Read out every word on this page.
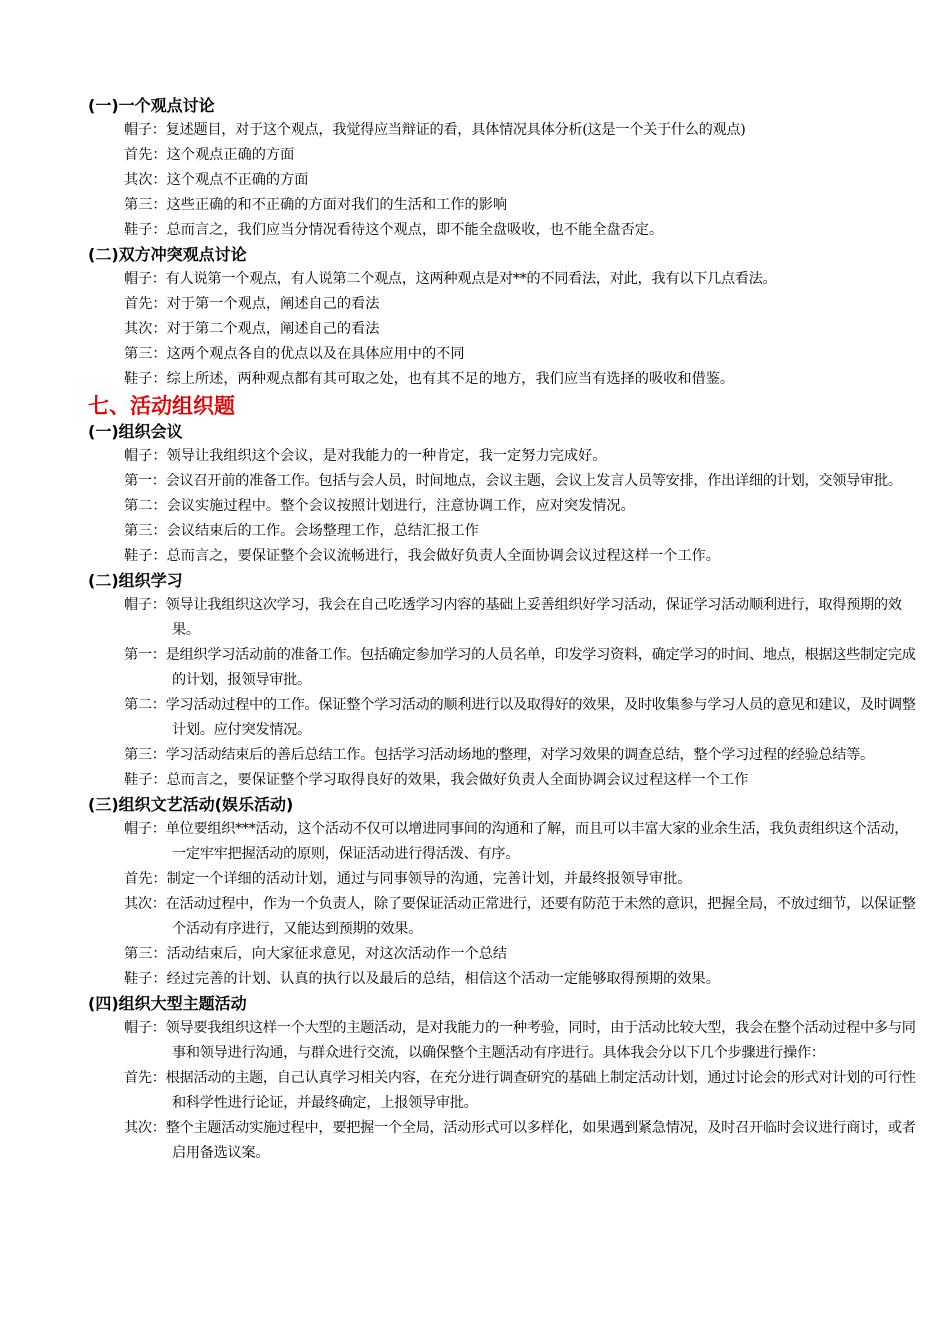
(一)一个观点讨论
帽子：复述题目，对于这个观点，我觉得应当辩证的看，具体情况具体分析(这是一个关于什么的观点)
首先：这个观点正确的方面
其次：这个观点不正确的方面
第三：这些正确的和不正确的方面对我们的生活和工作的影响
鞋子：总而言之，我们应当分情况看待这个观点，即不能全盘吸收，也不能全盘否定。
(二)双方冲突观点讨论
帽子：有人说第一个观点，有人说第二个观点，这两种观点是对**的不同看法，对此，我有以下几点看法。
首先：对于第一个观点，阐述自己的看法
其次：对于第二个观点，阐述自己的看法
第三：这两个观点各自的优点以及在具体应用中的不同
鞋子：综上所述，两种观点都有其可取之处，也有其不足的地方，我们应当有选择的吸收和借鉴。
七、活动组织题
(一)组织会议
帽子：领导让我组织这个会议，是对我能力的一种肯定，我一定努力完成好。
第一：会议召开前的准备工作。包括与会人员，时间地点，会议主题，会议上发言人员等安排，作出详细的计划，交领导审批。
第二：会议实施过程中。整个会议按照计划进行，注意协调工作，应对突发情况。
第三：会议结束后的工作。会场整理工作，总结汇报工作
鞋子：总而言之，要保证整个会议流畅进行，我会做好负责人全面协调会议过程这样一个工作。
(二)组织学习
帽子：领导让我组织这次学习，我会在自己吃透学习内容的基础上妥善组织好学习活动，保证学习活动顺利进行，取得预期的效果。
第一：是组织学习活动前的准备工作。包括确定参加学习的人员名单，印发学习资料，确定学习的时间、地点，根据这些制定完成的计划，报领导审批。
第二：学习活动过程中的工作。保证整个学习活动的顺利进行以及取得好的效果，及时收集参与学习人员的意见和建议，及时调整计划。应付突发情况。
第三：学习活动结束后的善后总结工作。包括学习活动场地的整理，对学习效果的调查总结，整个学习过程的经验总结等。
鞋子：总而言之，要保证整个学习取得良好的效果，我会做好负责人全面协调会议过程这样一个工作
(三)组织文艺活动(娱乐活动)
帽子：单位要组织***活动，这个活动不仅可以增进同事间的沟通和了解，而且可以丰富大家的业余生活，我负责组织这个活动，一定牢牢把握活动的原则，保证活动进行得活泼、有序。
首先：制定一个详细的活动计划，通过与同事领导的沟通，完善计划，并最终报领导审批。
其次：在活动过程中，作为一个负责人，除了要保证活动正常进行，还要有防范于未然的意识，把握全局，不放过细节，以保证整个活动有序进行，又能达到预期的效果。
第三：活动结束后，向大家征求意见，对这次活动作一个总结
鞋子：经过完善的计划、认真的执行以及最后的总结，相信这个活动一定能够取得预期的效果。
(四)组织大型主题活动
帽子：领导要我组织这样一个大型的主题活动，是对我能力的一种考验，同时，由于活动比较大型，我会在整个活动过程中多与同事和领导进行沟通，与群众进行交流，以确保整个主题活动有序进行。具体我会分以下几个步骤进行操作：
首先：根据活动的主题，自己认真学习相关内容，在充分进行调查研究的基础上制定活动计划，通过讨论会的形式对计划的可行性和科学性进行论证，并最终确定，上报领导审批。
其次：整个主题活动实施过程中，要把握一个全局，活动形式可以多样化，如果遇到紧急情况，及时召开临时会议进行商讨，或者启用备选议案。
